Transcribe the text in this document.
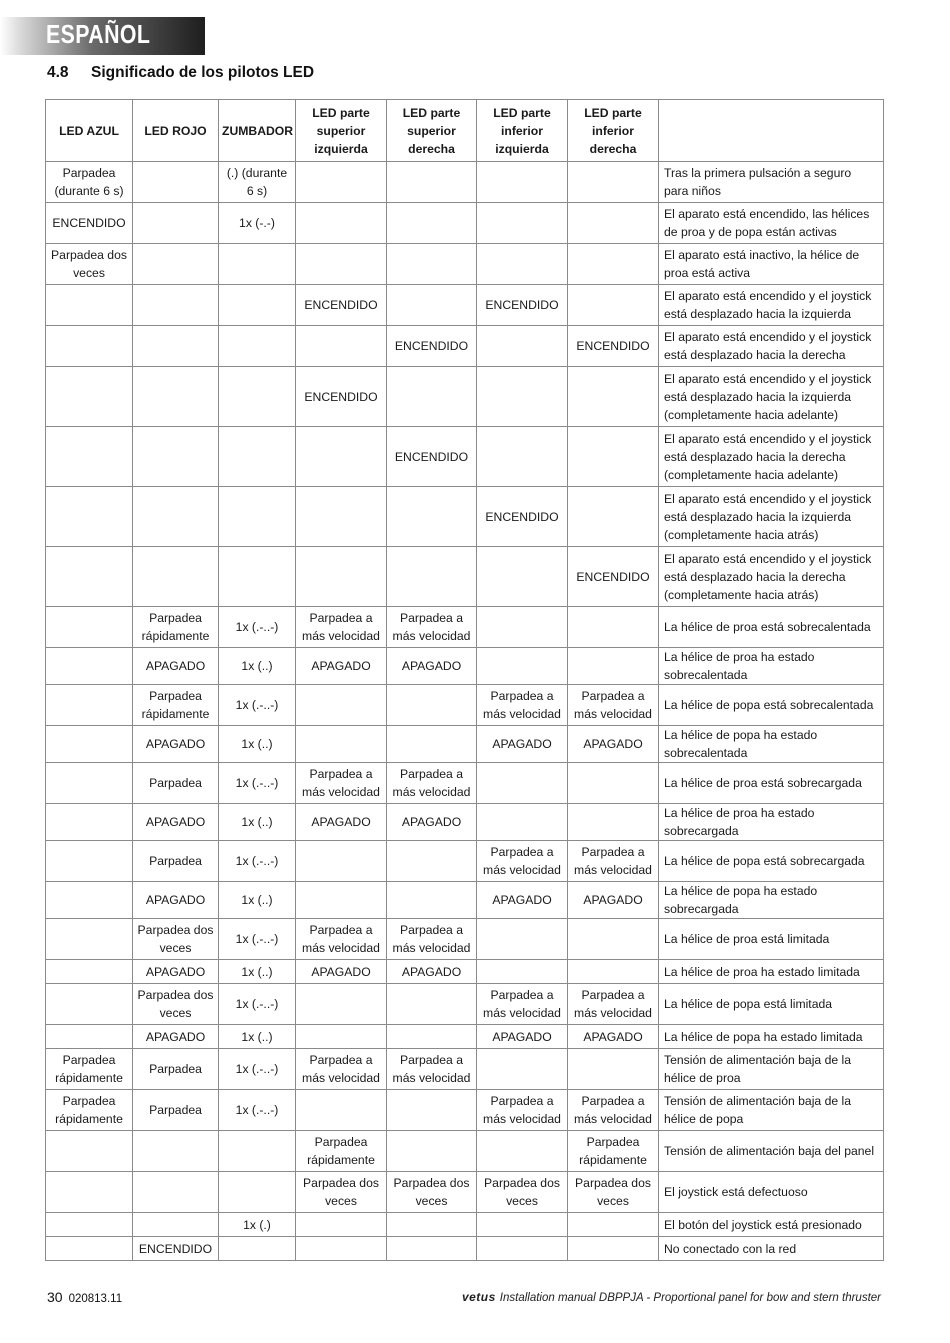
ESPAÑOL
4.8 Significado de los pilotos LED
LED AZUL	LED ROJO	ZUMBADOR	LED parte superior izquierda	LED parte superior derecha	LED parte inferior izquierda	LED parte inferior derecha	
Parpadea (durante 6 s)		(.) (durante 6 s)					Tras la primera pulsación a seguro para niños
ENCENDIDO		1x (-.-)					El aparato está encendido, las hélices de proa y de popa están activas
Parpadea dos veces							El aparato está inactivo, la hélice de proa está activa
			ENCENDIDO		ENCENDIDO		El aparato está encendido y el joystick está desplazado hacia la izquierda
				ENCENDIDO		ENCENDIDO	El aparato está encendido y el joystick está desplazado hacia la derecha
			ENCENDIDO				El aparato está encendido y el joystick está desplazado hacia la izquierda (completamente hacia adelante)
				ENCENDIDO			El aparato está encendido y el joystick está desplazado hacia la derecha (completamente hacia adelante)
					ENCENDIDO		El aparato está encendido y el joystick está desplazado hacia la izquierda (completamente hacia atrás)
						ENCENDIDO	El aparato está encendido y el joystick está desplazado hacia la derecha (completamente hacia atrás)
	Parpadea rápidamente	1x (.-..-)	Parpadea a más velocidad	Parpadea a más velocidad			La hélice de proa está sobrecalentada
	APAGADO	1x (..)	APAGADO	APAGADO			La hélice de proa ha estado sobrecalentada
	Parpadea rápidamente	1x (.-..-)			Parpadea a más velocidad	Parpadea a más velocidad	La hélice de popa está sobrecalentada
	APAGADO	1x (..)			APAGADO	APAGADO	La hélice de popa ha estado sobrecalentada
	Parpadea	1x (.-..-)	Parpadea a más velocidad	Parpadea a más velocidad			La hélice de proa está sobrecargada
	APAGADO	1x (..)	APAGADO	APAGADO			La hélice de proa ha estado sobrecargada
	Parpadea	1x (.-..-)			Parpadea a más velocidad	Parpadea a más velocidad	La hélice de popa está sobrecargada
	APAGADO	1x (..)			APAGADO	APAGADO	La hélice de popa ha estado sobrecargada
	Parpadea dos veces	1x (.-..-)	Parpadea a más velocidad	Parpadea a más velocidad			La hélice de proa está limitada
	APAGADO	1x (..)	APAGADO	APAGADO			La hélice de proa ha estado limitada
	Parpadea dos veces	1x (.-..-)			Parpadea a más velocidad	Parpadea a más velocidad	La hélice de popa está limitada
	APAGADO	1x (..)			APAGADO	APAGADO	La hélice de popa ha estado limitada
Parpadea rápidamente	Parpadea	1x (.-..-)	Parpadea a más velocidad	Parpadea a más velocidad			Tensión de alimentación baja de la hélice de proa
Parpadea rápidamente	Parpadea	1x (.-..-)			Parpadea a más velocidad	Parpadea a más velocidad	Tensión de alimentación baja de la hélice de popa
			Parpadea rápidamente			Parpadea rápidamente	Tensión de alimentación baja del panel
			Parpadea dos veces	Parpadea dos veces	Parpadea dos veces	Parpadea dos veces	El joystick está defectuoso
		1x (.)					El botón del joystick está presionado
	ENCENDIDO						No conectado con la red
30 020813.11	vetus Installation manual DBPPJA - Proportional panel for bow and stern thruster
